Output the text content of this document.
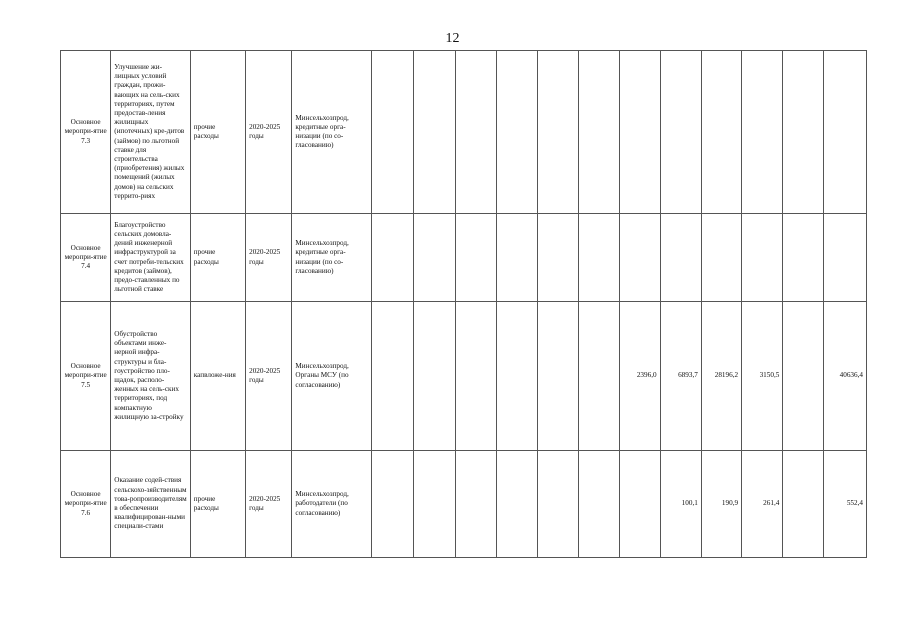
12
Основное меропри-ятие 7.3	Улучшение жи-лищных условий граждан, прожи-вающих на сель-ских территориях, путем предостав-ления жилищных (ипотечных) кре-дитов (займов) по льготной ставке для строительства (приобретения) жилых помещений (жилых домов) на сельских террито-риях	прочие расходы	2020-2025 годы	Минсельхозпрод, кредитные орга-низации (по со-гласованию)												
Основное меропри-ятие 7.4	Благоустройство сельских домовла-дений инженерной инфраструктурой за счет потреби-тельских кредитов (займов), предо-ставленных по льготной ставке	прочие расходы	2020-2025 годы	Минсельхозпрод, кредитные орга-низации (по со-гласованию)												
Основное меропри-ятие 7.5	Обустройство объектами инже-нерной инфра-структуры и бла-гоустройство пло-щадок, располо-женных на сель-ских территориях, под компактную жилищную за-стройку	капвложе-ния	2020-2025 годы	Минсельхозпрод, Органы МСУ (по согласованию)							2396,0	6893,7	28196,2	3150,5		40636,4
Основное меропри-ятие 7.6	Оказание содей-ствия сельскохо-зяйственным това-ропроизводителям в обеспечении квалифицирован-ными специали-стами	прочие расходы	2020-2025 годы	Минсельхозпрод, работодатели (по согласованию)								100,1	190,9	261,4		552,4
